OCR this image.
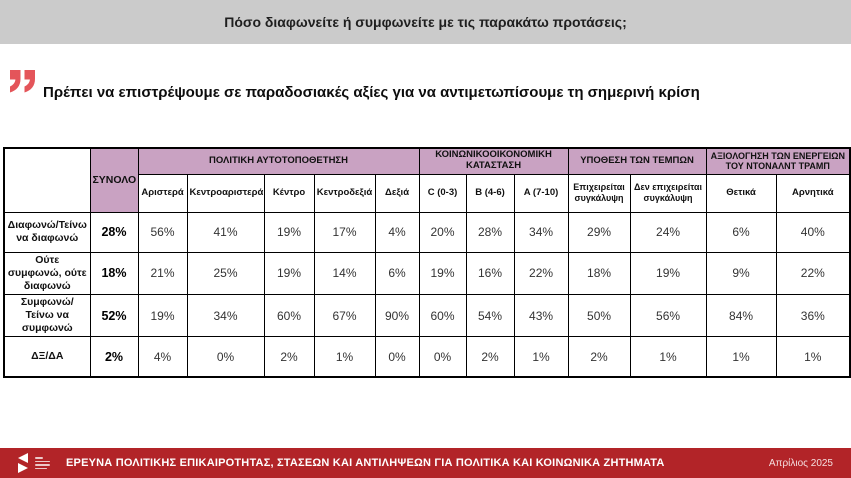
Πόσο διαφωνείτε ή συμφωνείτε με τις παρακάτω προτάσεις;
Πρέπει να επιστρέψουμε σε παραδοσιακές αξίες για να αντιμετωπίσουμε τη σημερινή κρίση
	ΣΥΝΟΛΟ	ΠΟΛΙΤΙΚΗ ΑΥΤΟΤΟΠΟΘΕΤΗΣΗ					ΚΟΙΝΩΝΙΚΟΟΙΚΟΝΟΜΙΚΗ ΚΑΤΑΣΤΑΣΗ			ΥΠΟΘΕΣΗ ΤΩΝ ΤΕΜΠΩΝ		ΑΞΙΟΛΟΓΗΣΗ ΤΩΝ ΕΝΕΡΓΕΙΩΝ ΤΟΥ ΝΤΟΝΑΛΝΤ ΤΡΑΜΠ	
		Αριστερά	Κεντροαριστερά	Κέντρο	Κεντροδεξιά	Δεξιά	C (0-3)	B (4-6)	A (7-10)	Επιχειρείται συγκάλυψη	Δεν επιχειρείται συγκάλυψη	Θετικά	Αρνητικά
Διαφωνώ/Τείνω να διαφωνώ	28%	56%	41%	19%	17%	4%	20%	28%	34%	29%	24%	6%	40%
Ούτε συμφωνώ, ούτε διαφωνώ	18%	21%	25%	19%	14%	6%	19%	16%	22%	18%	19%	9%	22%
Συμφωνώ/Τείνω να συμφωνώ	52%	19%	34%	60%	67%	90%	60%	54%	43%	50%	56%	84%	36%
ΔΞ/ΔΑ	2%	4%	0%	2%	1%	0%	0%	2%	1%	2%	1%	1%	1%
ΕΡΕΥΝΑ ΠΟΛΙΤΙΚΗΣ ΕΠΙΚΑΙΡΟΤΗΤΑΣ, ΣΤΑΣΕΩΝ ΚΑΙ ΑΝΤΙΛΗΨΕΩΝ ΓΙΑ ΠΟΛΙΤΙΚΑ ΚΑΙ ΚΟΙΝΩΝΙΚΑ ΖΗΤΗΜΑΤΑ	Απρίλιος 2025
